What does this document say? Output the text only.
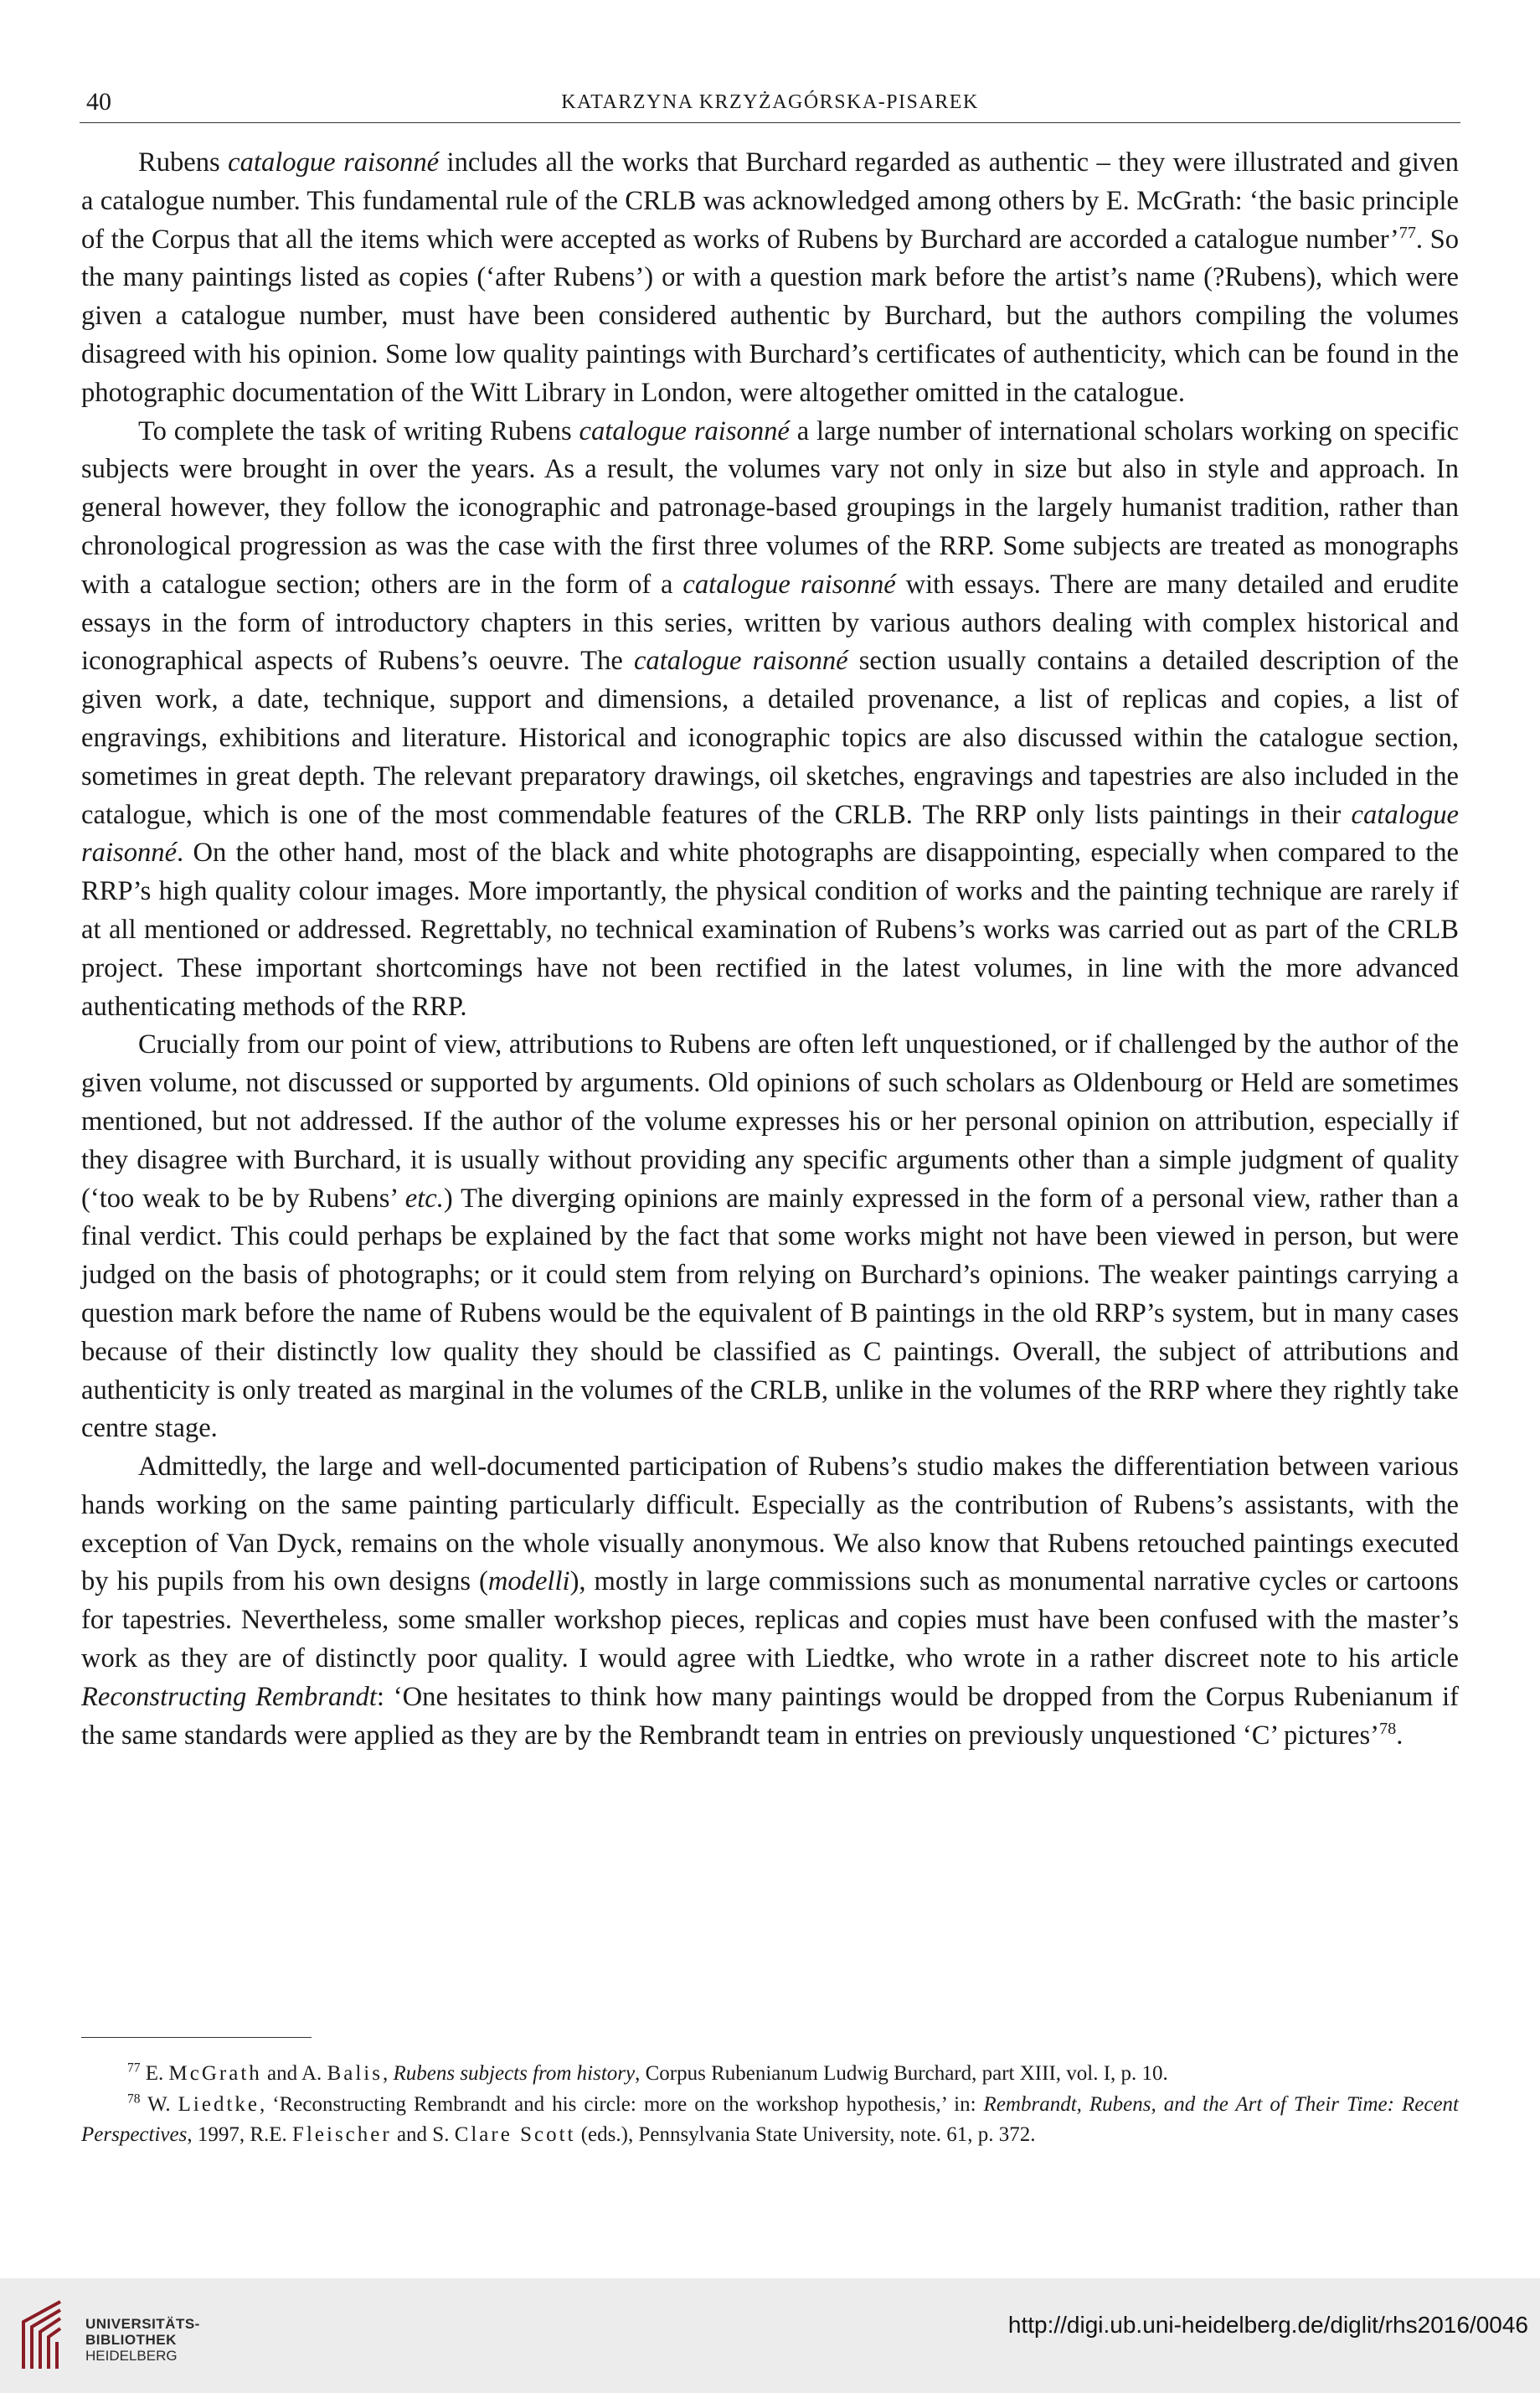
40	KATARZYNA KRZYŻAGÓRSKA-PISAREK

Rubens catalogue raisonné includes all the works that Burchard regarded as authentic – they were illustrated and given a catalogue number. This fundamental rule of the CRLB was acknowledged among others by E. McGrath: ‘the basic principle of the Corpus that all the items which were accepted as works of Rubens by Burchard are accorded a catalogue number’$^{77}$. So the many paintings listed as copies (‘after Rubens’) or with a question mark before the artist’s name (?Rubens), which were given a catalogue number, must have been considered authentic by Burchard, but the authors compiling the volumes disagreed with his opinion. Some low quality paintings with Burchard’s certificates of authenticity, which can be found in the photographic documentation of the Witt Library in London, were altogether omitted in the catalogue.

To complete the task of writing Rubens catalogue raisonné a large number of international scholars working on specific subjects were brought in over the years. As a result, the volumes vary not only in size but also in style and approach. In general however, they follow the iconographic and patronage-based groupings in the largely humanist tradition, rather than chronological progression as was the case with the first three volumes of the RRP. Some subjects are treated as monographs with a catalogue section; others are in the form of a catalogue raisonné with essays. There are many detailed and erudite essays in the form of introductory chapters in this series, written by various authors dealing with complex historical and iconographical aspects of Rubens’s oeuvre. The catalogue raisonné section usually contains a detailed description of the given work, a date, technique, support and dimensions, a detailed provenance, a list of replicas and copies, a list of engravings, exhibitions and literature. Historical and iconographic topics are also discussed within the catalogue section, sometimes in great depth. The relevant preparatory drawings, oil sketches, engravings and tapestries are also included in the catalogue, which is one of the most commendable features of the CRLB. The RRP only lists paintings in their catalogue raisonné. On the other hand, most of the black and white photographs are disappointing, especially when compared to the RRP’s high quality colour images. More importantly, the physical condition of works and the painting technique are rarely if at all mentioned or addressed. Regrettably, no technical examination of Rubens’s works was carried out as part of the CRLB project. These important shortcomings have not been rectified in the latest volumes, in line with the more advanced authenticating methods of the RRP.

Crucially from our point of view, attributions to Rubens are often left unquestioned, or if challenged by the author of the given volume, not discussed or supported by arguments. Old opinions of such scholars as Oldenbourg or Held are sometimes mentioned, but not addressed. If the author of the volume expresses his or her personal opinion on attribution, especially if they disagree with Burchard, it is usually without providing any specific arguments other than a simple judgment of quality (‘too weak to be by Rubens’ etc.) The diverging opinions are mainly expressed in the form of a personal view, rather than a final verdict. This could perhaps be explained by the fact that some works might not have been viewed in person, but were judged on the basis of photographs; or it could stem from relying on Burchard’s opinions. The weaker paintings carrying a question mark before the name of Rubens would be the equivalent of B paintings in the old RRP’s system, but in many cases because of their distinctly low quality they should be classified as C paintings. Overall, the subject of attributions and authenticity is only treated as marginal in the volumes of the CRLB, unlike in the volumes of the RRP where they rightly take centre stage.

Admittedly, the large and well-documented participation of Rubens’s studio makes the differentiation between various hands working on the same painting particularly difficult. Especially as the contribution of Rubens’s assistants, with the exception of Van Dyck, remains on the whole visually anonymous. We also know that Rubens retouched paintings executed by his pupils from his own designs (modelli), mostly in large commissions such as monumental narrative cycles or cartoons for tapestries. Nevertheless, some smaller workshop pieces, replicas and copies must have been confused with the master’s work as they are of distinctly poor quality. I would agree with Liedtke, who wrote in a rather discreet note to his article Reconstructing Rembrandt: ‘One hesitates to think how many paintings would be dropped from the Corpus Rubenianum if the same standards were applied as they are by the Rembrandt team in entries on previously unquestioned ‘C’ pictures’$^{78}$.

$^{77}$ E. McGrath and A. Balis, Rubens subjects from history, Corpus Rubenianum Ludwig Burchard, part XIII, vol. I, p. 10.

$^{78}$ W. Liedtke, ‘Reconstructing Rembrandt and his circle: more on the workshop hypothesis,’ in: Rembrandt, Rubens, and the Art of Their Time: Recent Perspectives, 1997, R.E. Fleischer and S. Clare Scott (eds.), Pennsylvania State University, note. 61, p. 372.

UNIVERSITÄTS-
BIBLIOTHEK
HEIDELBERG
http://digi.ub.uni-heidelberg.de/diglit/rhs2016/0046
